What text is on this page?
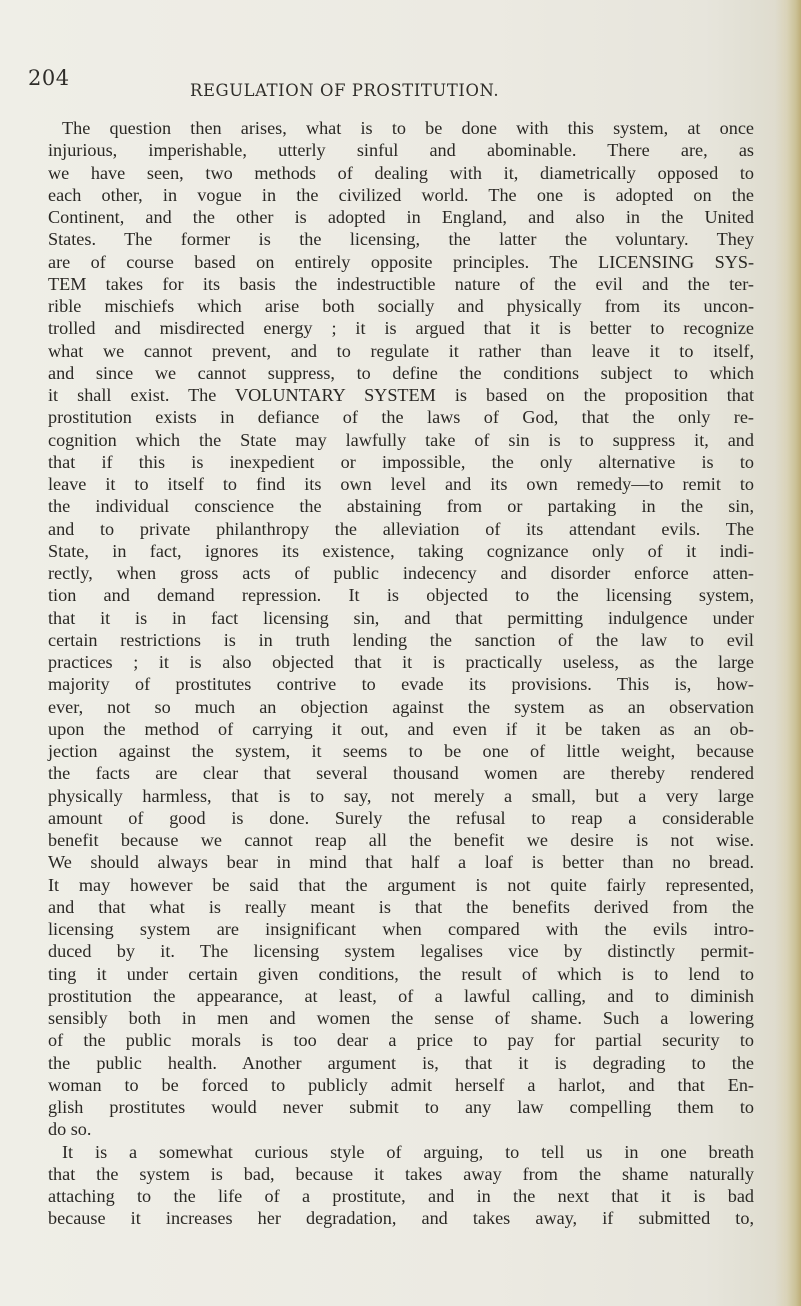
204
REGULATION OF PROSTITUTION.
The question then arises, what is to be done with this system, at once
injurious, imperishable, utterly sinful and abominable. There are, as
we have seen, two methods of dealing with it, diametrically opposed to
each other, in vogue in the civilized world. The one is adopted on the
Continent, and the other is adopted in England, and also in the United
States. The former is the licensing, the latter the voluntary. They
are of course based on entirely opposite principles. The LICENSING SYS-
TEM takes for its basis the indestructible nature of the evil and the ter-
rible mischiefs which arise both socially and physically from its uncon-
trolled and misdirected energy ; it is argued that it is better to recognize
what we cannot prevent, and to regulate it rather than leave it to itself,
and since we cannot suppress, to define the conditions subject to which
it shall exist. The VOLUNTARY SYSTEM is based on the proposition that
prostitution exists in defiance of the laws of God, that the only re-
cognition which the State may lawfully take of sin is to suppress it, and
that if this is inexpedient or impossible, the only alternative is to
leave it to itself to find its own level and its own remedy—to remit to
the individual conscience the abstaining from or partaking in the sin,
and to private philanthropy the alleviation of its attendant evils. The
State, in fact, ignores its existence, taking cognizance only of it indi-
rectly, when gross acts of public indecency and disorder enforce atten-
tion and demand repression. It is objected to the licensing system,
that it is in fact licensing sin, and that permitting indulgence under
certain restrictions is in truth lending the sanction of the law to evil
practices ; it is also objected that it is practically useless, as the large
majority of prostitutes contrive to evade its provisions. This is, how-
ever, not so much an objection against the system as an observation
upon the method of carrying it out, and even if it be taken as an ob-
jection against the system, it seems to be one of little weight, because
the facts are clear that several thousand women are thereby rendered
physically harmless, that is to say, not merely a small, but a very large
amount of good is done. Surely the refusal to reap a considerable
benefit because we cannot reap all the benefit we desire is not wise.
We should always bear in mind that half a loaf is better than no bread.
It may however be said that the argument is not quite fairly represented,
and that what is really meant is that the benefits derived from the
licensing system are insignificant when compared with the evils intro-
duced by it. The licensing system legalises vice by distinctly permit-
ting it under certain given conditions, the result of which is to lend to
prostitution the appearance, at least, of a lawful calling, and to diminish
sensibly both in men and women the sense of shame. Such a lowering
of the public morals is too dear a price to pay for partial security to
the public health. Another argument is, that it is degrading to the
woman to be forced to publicly admit herself a harlot, and that En-
glish prostitutes would never submit to any law compelling them to
do so.
It is a somewhat curious style of arguing, to tell us in one breath
that the system is bad, because it takes away from the shame naturally
attaching to the life of a prostitute, and in the next that it is bad
because it increases her degradation, and takes away, if submitted to,
